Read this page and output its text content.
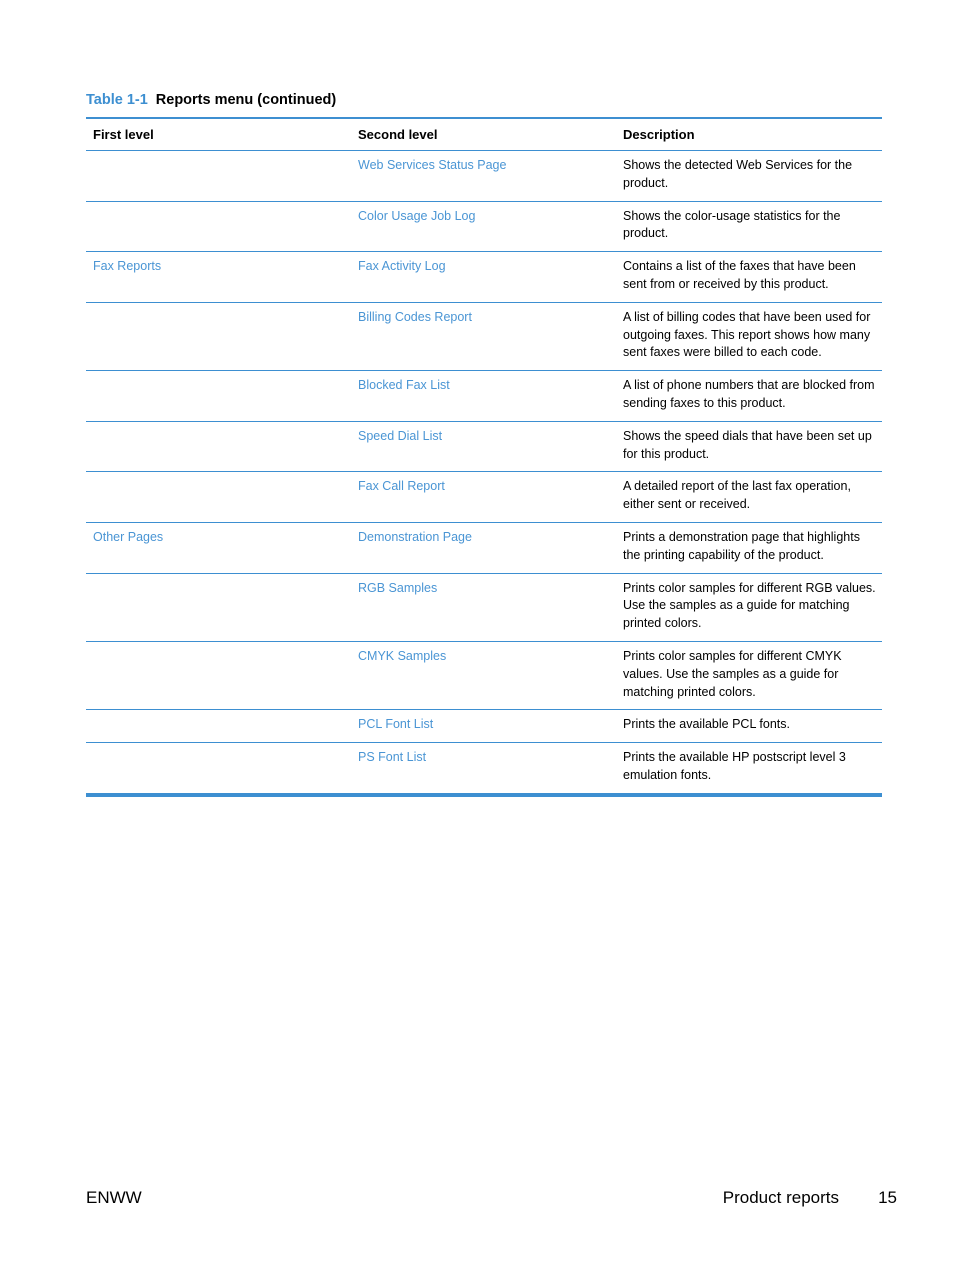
Table 1-1 Reports menu (continued)
First level	Second level	Description
	Web Services Status Page	Shows the detected Web Services for the product.
	Color Usage Job Log	Shows the color-usage statistics for the product.
Fax Reports	Fax Activity Log	Contains a list of the faxes that have been sent from or received by this product.
	Billing Codes Report	A list of billing codes that have been used for outgoing faxes. This report shows how many sent faxes were billed to each code.
	Blocked Fax List	A list of phone numbers that are blocked from sending faxes to this product.
	Speed Dial List	Shows the speed dials that have been set up for this product.
	Fax Call Report	A detailed report of the last fax operation, either sent or received.
Other Pages	Demonstration Page	Prints a demonstration page that highlights the printing capability of the product.
	RGB Samples	Prints color samples for different RGB values. Use the samples as a guide for matching printed colors.
	CMYK Samples	Prints color samples for different CMYK values. Use the samples as a guide for matching printed colors.
	PCL Font List	Prints the available PCL fonts.
	PS Font List	Prints the available HP postscript level 3 emulation fonts.
ENWW	Product reports 15
